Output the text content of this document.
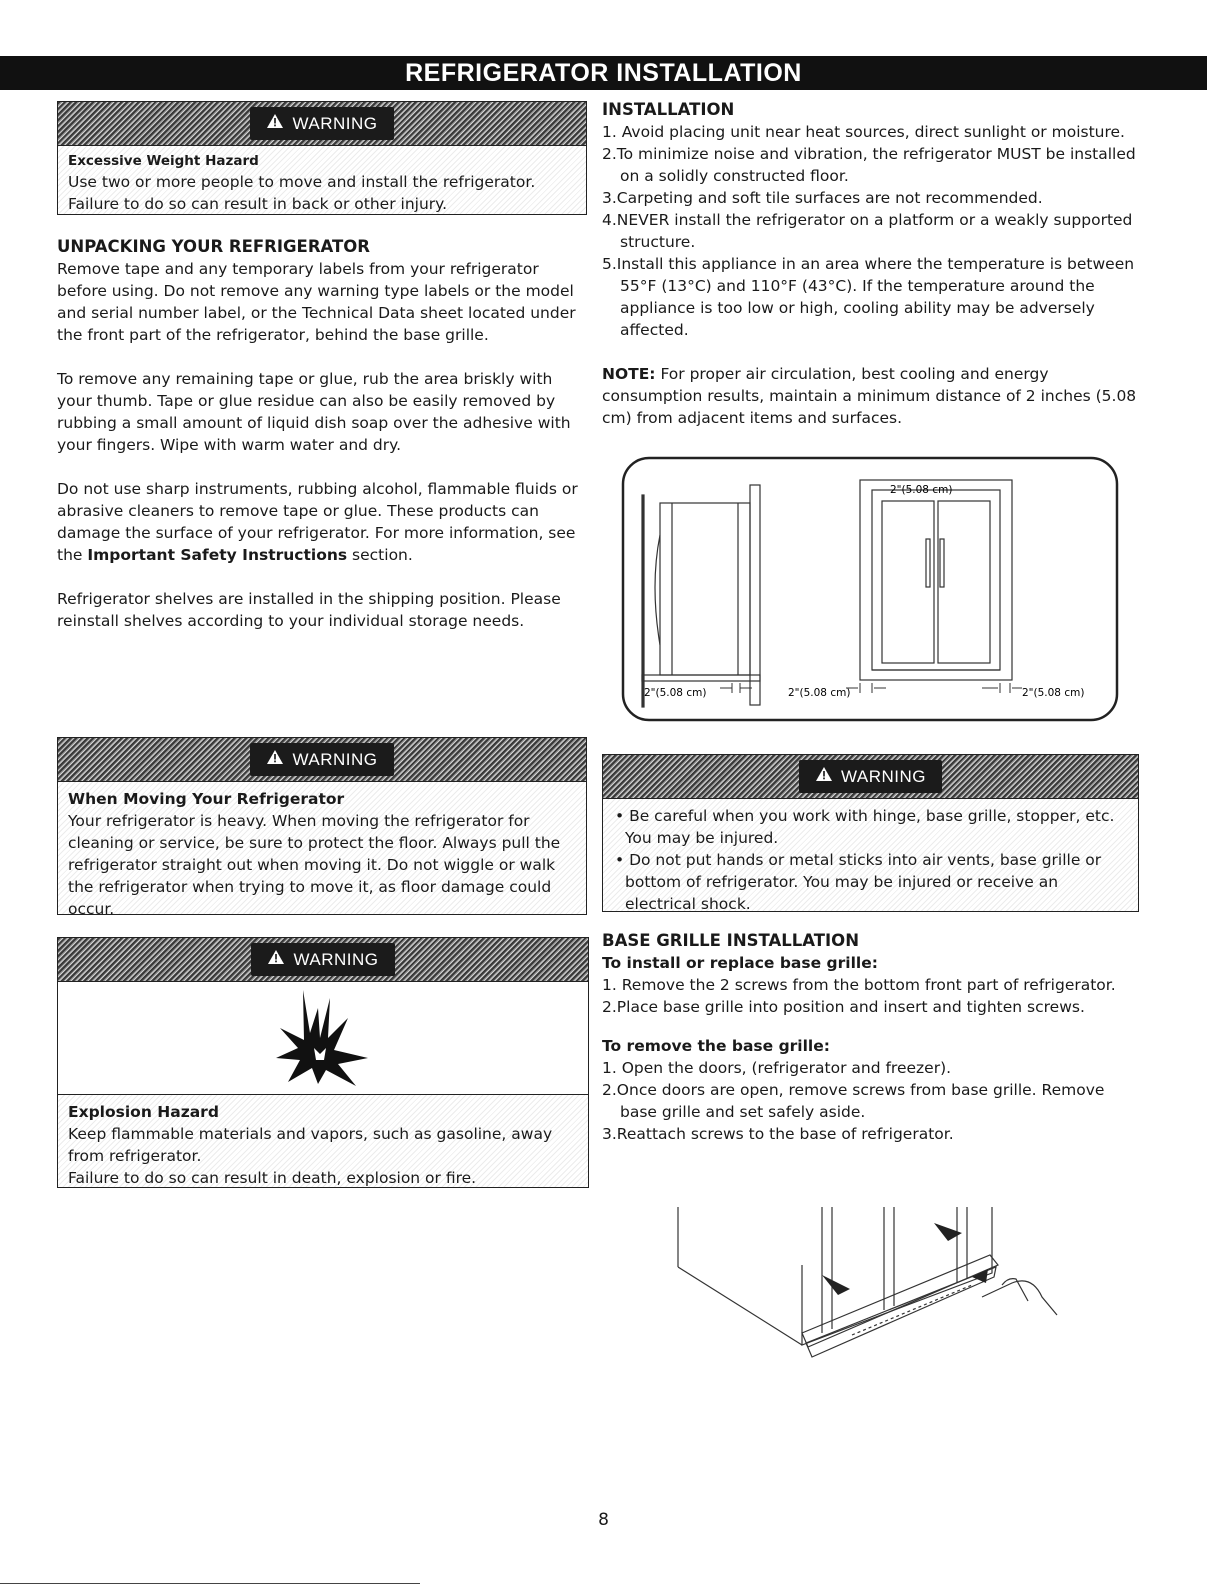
REFRIGERATOR INSTALLATION
WARNING
Excessive Weight Hazard
Use two or more people to move and install the refrigerator.
Failure to do so can result in back or other injury.
UNPACKING YOUR REFRIGERATOR

Remove tape and any temporary labels from your refrigerator before using. Do not remove any warning type labels or the model and serial number label, or the Technical Data sheet located under the front part of the refrigerator, behind the base grille.

To remove any remaining tape or glue, rub the area briskly with your thumb. Tape or glue residue can also be easily removed by rubbing a small amount of liquid dish soap over the adhesive with your fingers. Wipe with warm water and dry.

Do not use sharp instruments, rubbing alcohol, flammable fluids or abrasive cleaners to remove tape or glue. These products can damage the surface of your refrigerator. For more information, see the Important Safety Instructions section.

Refrigerator shelves are installed in the shipping position. Please reinstall shelves according to your individual storage needs.

INSTALLATION
1. Avoid placing unit near heat sources, direct sunlight or moisture.
2.To minimize noise and vibration, the refrigerator MUST be installed on a solidly constructed floor.
3.Carpeting and soft tile surfaces are not recommended.
4.NEVER install the refrigerator on a platform or a weakly supported structure.
5.Install this appliance in an area where the temperature is between 55°F (13°C) and 110°F (43°C). If the temperature around the appliance is too low or high, cooling ability may be adversely affected.

NOTE: For proper air circulation, best cooling and energy consumption results, maintain a minimum distance of 2 inches (5.08 cm) from adjacent items and surfaces.

2"(5.08 cm)
2"(5.08 cm)
2"(5.08 cm)	2"(5.08 cm)
WARNING
When Moving Your Refrigerator
Your refrigerator is heavy. When moving the refrigerator for cleaning or service, be sure to protect the floor. Always pull the refrigerator straight out when moving it. Do not wiggle or walk the refrigerator when trying to move it, as floor damage could occur.
WARNING
• Be careful when you work with hinge, base grille, stopper, etc. You may be injured.
• Do not put hands or metal sticks into air vents, base grille or bottom of refrigerator. You may be injured or receive an electrical shock.
WARNING
Explosion Hazard
Keep flammable materials and vapors, such as gasoline, away from refrigerator.
Failure to do so can result in death, explosion or fire.
BASE GRILLE INSTALLATION
To install or replace base grille:
1. Remove the 2 screws from the bottom front part of refrigerator.
2.Place base grille into position and insert and tighten screws.
To remove the base grille:
1. Open the doors, (refrigerator and freezer).
2.Once doors are open, remove screws from base grille. Remove base grille and set safely aside.
3.Reattach screws to the base of refrigerator.
8
